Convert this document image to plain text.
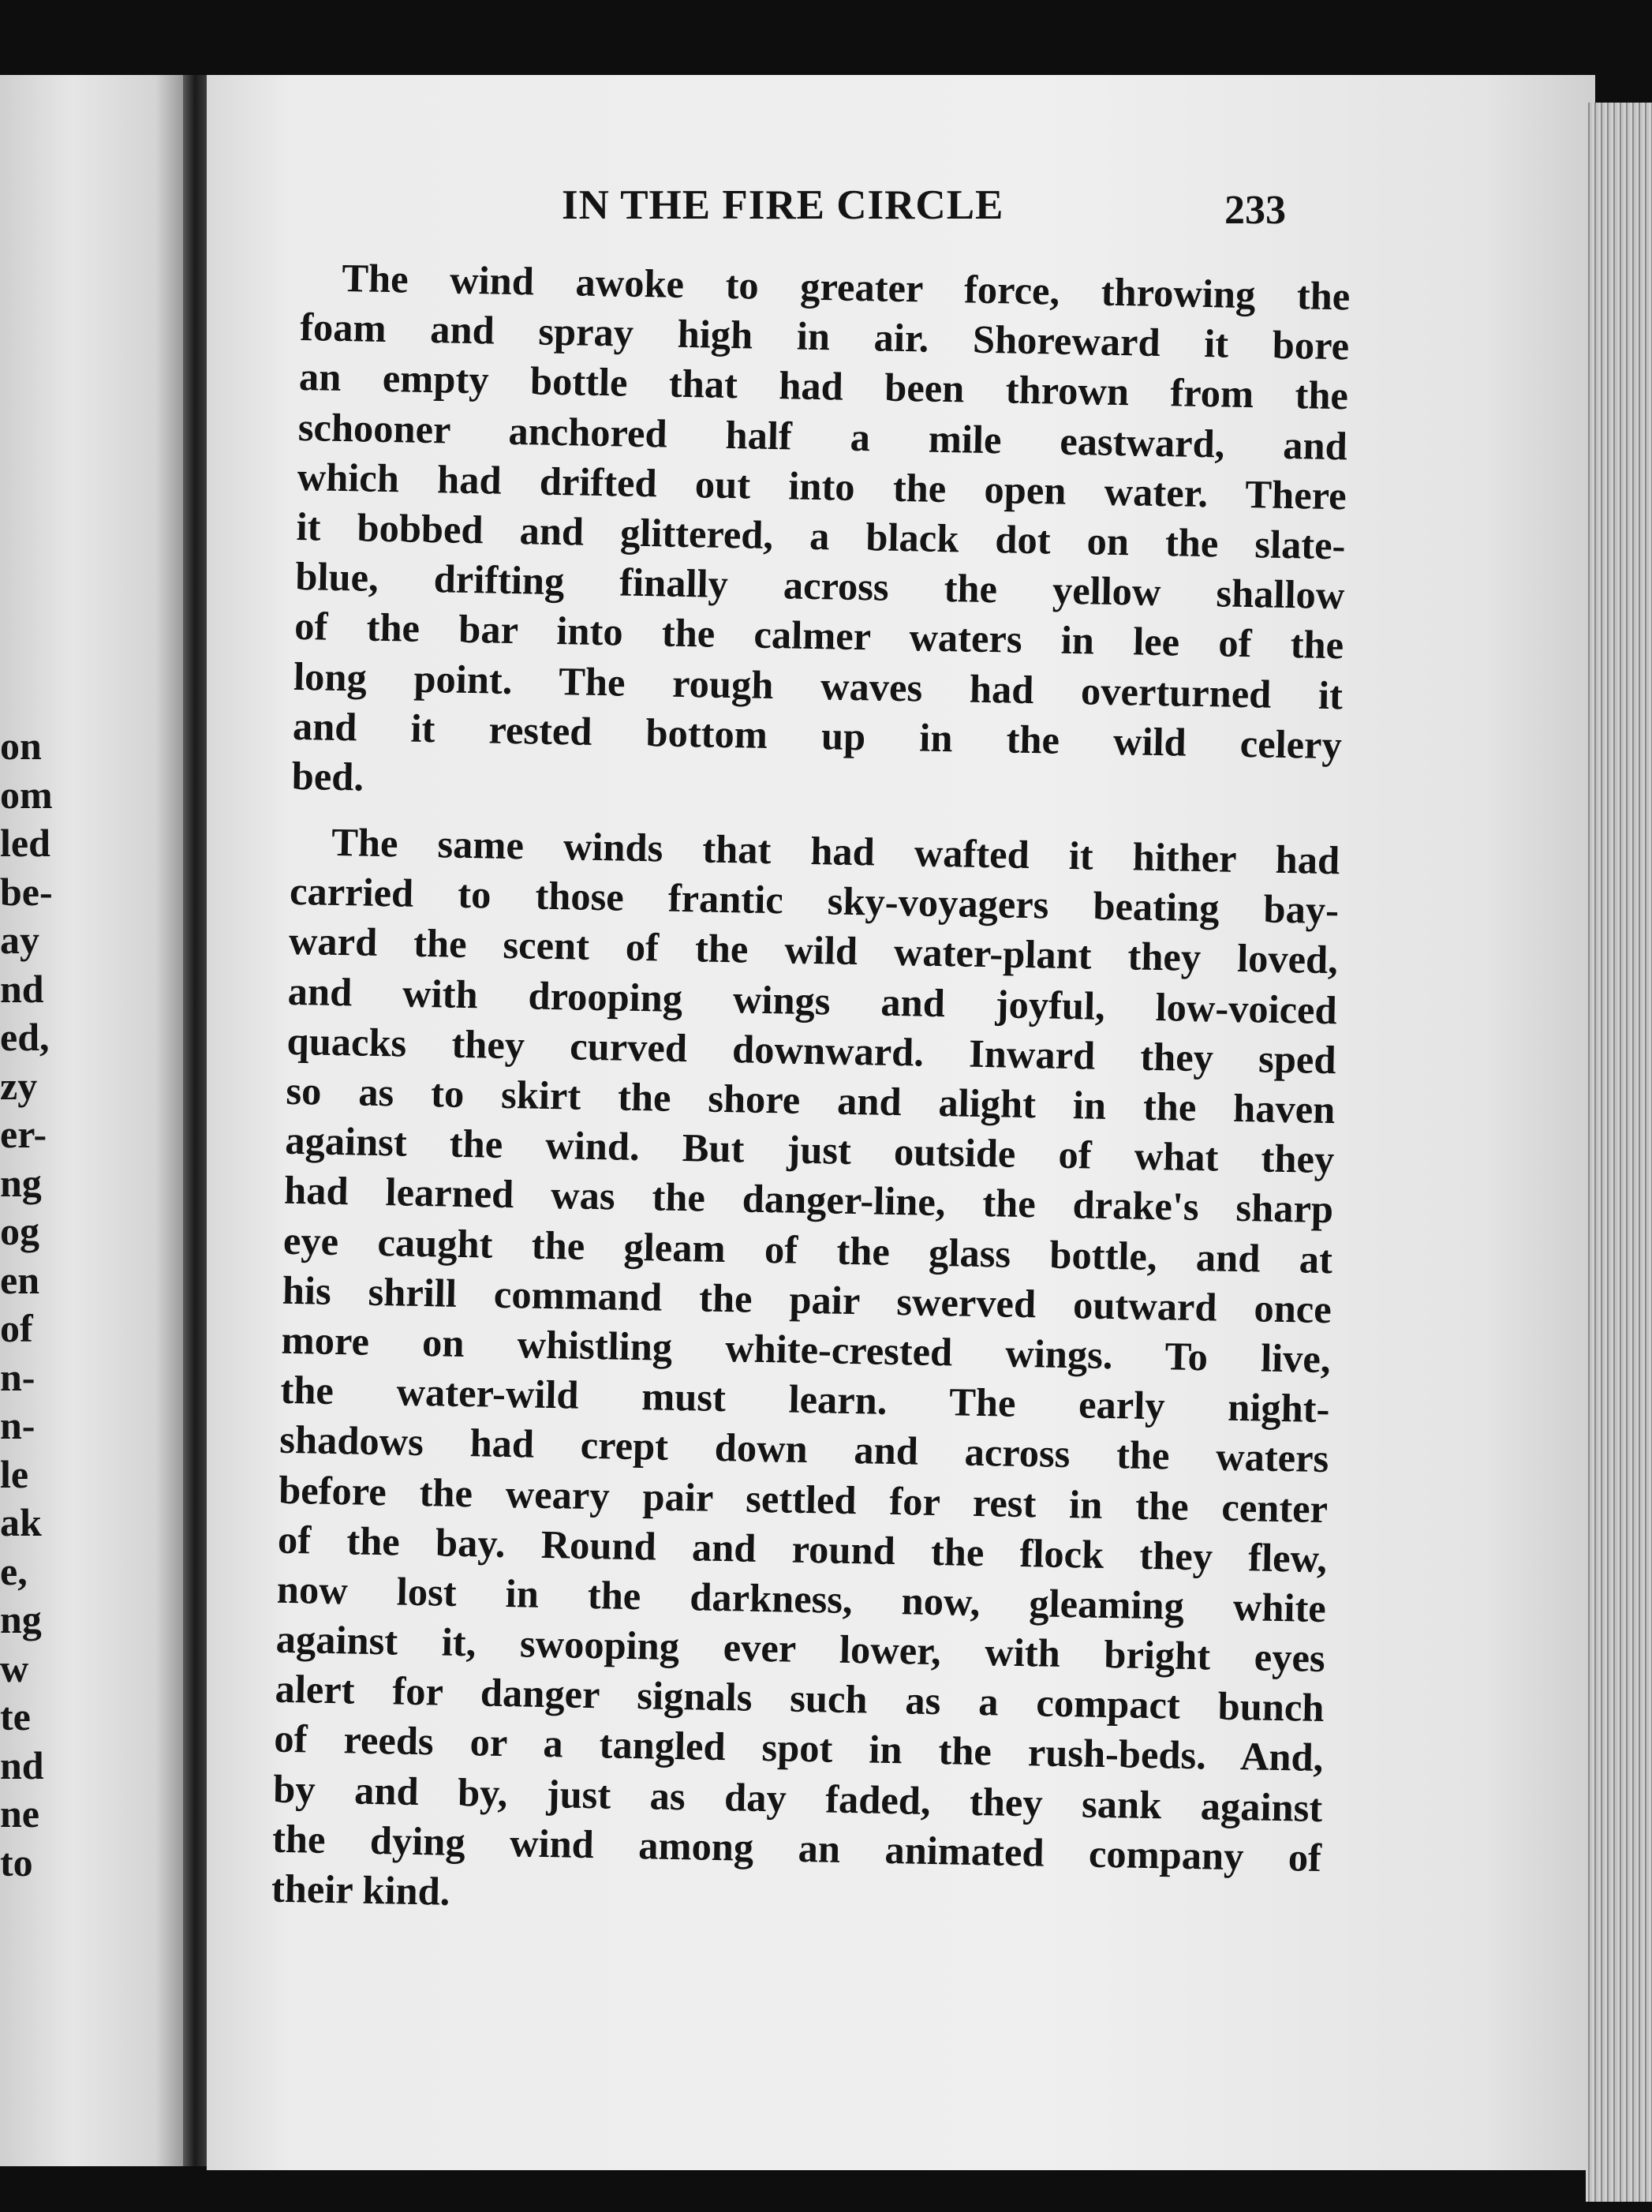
on
om
led
be-
ay
nd
ed,
zy
er-
ng
og
en
of
n-
n-
le
ak
e,
ng
w
te
nd
ne
to
IN THE FIRE CIRCLE	233
The wind awoke to greater force, throwing the
foam and spray high in air. Shoreward it bore
an empty bottle that had been thrown from the
schooner anchored half a mile eastward, and
which had drifted out into the open water. There
it bobbed and glittered, a black dot on the slate-
blue, drifting finally across the yellow shallow
of the bar into the calmer waters in lee of the
long point. The rough waves had overturned it
and it rested bottom up in the wild celery
bed.
The same winds that had wafted it hither had
carried to those frantic sky-voyagers beating bay-
ward the scent of the wild water-plant they loved,
and with drooping wings and joyful, low-voiced
quacks they curved downward. Inward they sped
so as to skirt the shore and alight in the haven
against the wind. But just outside of what they
had learned was the danger-line, the drake's sharp
eye caught the gleam of the glass bottle, and at
his shrill command the pair swerved outward once
more on whistling white-crested wings. To live,
the water-wild must learn. The early night-
shadows had crept down and across the waters
before the weary pair settled for rest in the center
of the bay. Round and round the flock they flew,
now lost in the darkness, now, gleaming white
against it, swooping ever lower, with bright eyes
alert for danger signals such as a compact bunch
of reeds or a tangled spot in the rush-beds. And,
by and by, just as day faded, they sank against
the dying wind among an animated company of
their kind.
